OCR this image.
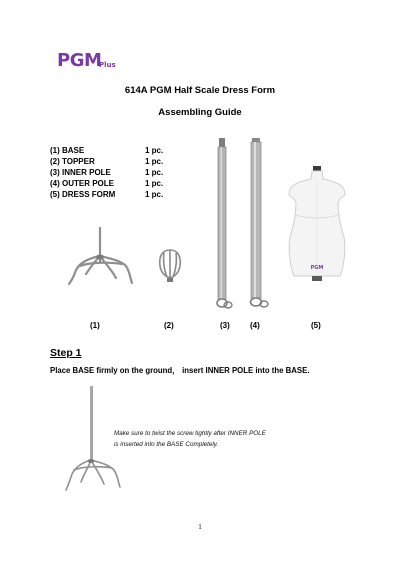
PGM
Plus
614A PGM Half Scale Dress Form
Assembling Guide
(1) BASE	1 pc.
(2) TOPPER	1 pc.
(3) INNER POLE	1 pc.
(4) OUTER POLE	1 pc.
(5) DRESS FORM	1 pc.
PGM
(1)	(2)	(3)	(4)	(5)
Step 1
Place BASE firmly on the ground， insert INNER POLE into the BASE.
Make sure to twist the screw tightly after INNER POLE
is inserted into the BASE Completely.
1
